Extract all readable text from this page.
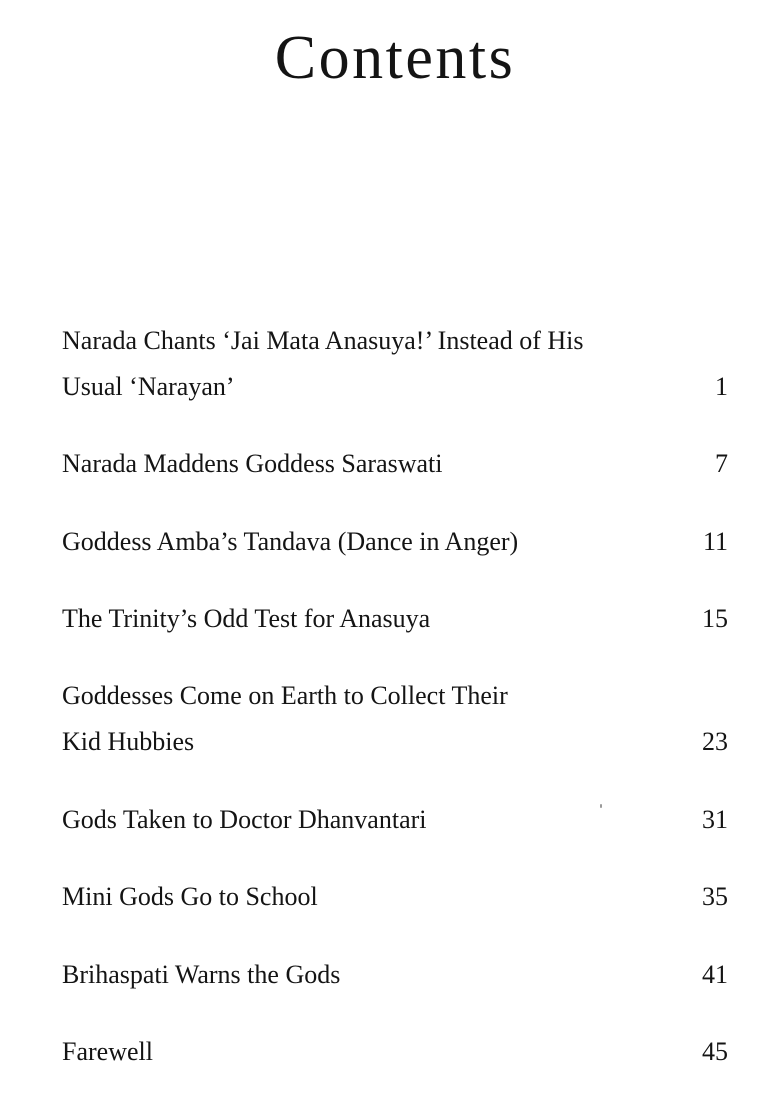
Contents
Narada Chants ‘Jai Mata Anasuya!’ Instead of His
Usual ‘Narayan’	1
Narada Maddens Goddess Saraswati	7
Goddess Amba’s Tandava (Dance in Anger)	11
The Trinity’s Odd Test for Anasuya	15
Goddesses Come on Earth to Collect Their
Kid Hubbies	23
Gods Taken to Doctor Dhanvantari	31
Mini Gods Go to School	35
Brihaspati Warns the Gods	41
Farewell	45
